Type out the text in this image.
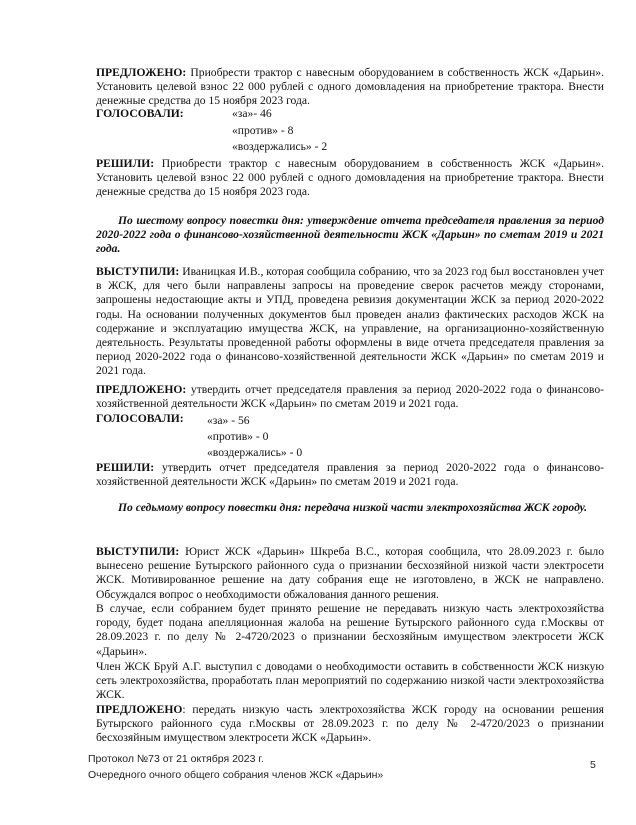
ПРЕДЛОЖЕНО: Приобрести трактор с навесным оборудованием в собственность ЖСК «Дарьин». Установить целевой взнос 22 000 рублей с одного домовладения на приобретение трактора. Внести денежные средства до 15 ноября 2023 года.
ГОЛОСОВАЛИ:	«за»- 46
«против» - 8
«воздержались» - 2
РЕШИЛИ: Приобрести трактор с навесным оборудованием в собственность ЖСК «Дарьин». Установить целевой взнос 22 000 рублей с одного домовладения на приобретение трактора. Внести денежные средства до 15 ноября 2023 года.
По шестому вопросу повестки дня: утверждение отчета председателя правления за период 2020-2022 года о финансово-хозяйственной деятельности ЖСК «Дарьин» по сметам 2019 и 2021 года.
ВЫСТУПИЛИ: Иваницкая И.В., которая сообщила собранию, что за 2023 год был восстановлен учет в ЖСК, для чего были направлены запросы на проведение сверок расчетов между сторонами, запрошены недостающие акты и УПД, проведена ревизия документации ЖСК за период 2020-2022 годы. На основании полученных документов был проведен анализ фактических расходов ЖСК на содержание и эксплуатацию имущества ЖСК, на управление, на организационно-хозяйственную деятельность. Результаты проведенной работы оформлены в виде отчета председателя правления за период 2020-2022 года о финансово-хозяйственной деятельности ЖСК «Дарьин» по сметам 2019 и 2021 года.
ПРЕДЛОЖЕНО: утвердить отчет председателя правления за период 2020-2022 года о финансово-хозяйственной деятельности ЖСК «Дарьин» по сметам 2019 и 2021 года.
ГОЛОСОВАЛИ: «за» - 56
«против» - 0
«воздержались» - 0
РЕШИЛИ: утвердить отчет председателя правления за период 2020-2022 года о финансово-хозяйственной деятельности ЖСК «Дарьин» по сметам 2019 и 2021 года.
По седьмому вопросу повестки дня: передача низкой части электрохозяйства ЖСК городу.
ВЫСТУПИЛИ: Юрист ЖСК «Дарьин» Шкреба В.С., которая сообщила, что 28.09.2023 г. было вынесено решение Бутырского районного суда о признании бесхозяйной низкой части электросети ЖСК. Мотивированное решение на дату собрания еще не изготовлено, в ЖСК не направлено. Обсуждался вопрос о необходимости обжалования данного решения.
В случае, если собранием будет принято решение не передавать низкую часть электрохозяйства городу, будет подана апелляционная жалоба на решение Бутырского районного суда г.Москвы от 28.09.2023 г. по делу № 2-4720/2023 о признании бесхозяйным имуществом электросети ЖСК «Дарьин».
Член ЖСК Бруй А.Г. выступил с доводами о необходимости оставить в собственности ЖСК низкую сеть электрохозяйства, проработать план мероприятий по содержанию низкой части электрохозяйства ЖСК.
ПРЕДЛОЖЕНО: передать низкую часть электрохозяйства ЖСК городу на основании решения Бутырского районного суда г.Москвы от 28.09.2023 г. по делу № 2-4720/2023 о признании бесхозяйным имуществом электросети ЖСК «Дарьин».
Протокол №73 от 21 октября 2023 г.
Очередного очного общего собрания членов ЖСК «Дарьин»
5
